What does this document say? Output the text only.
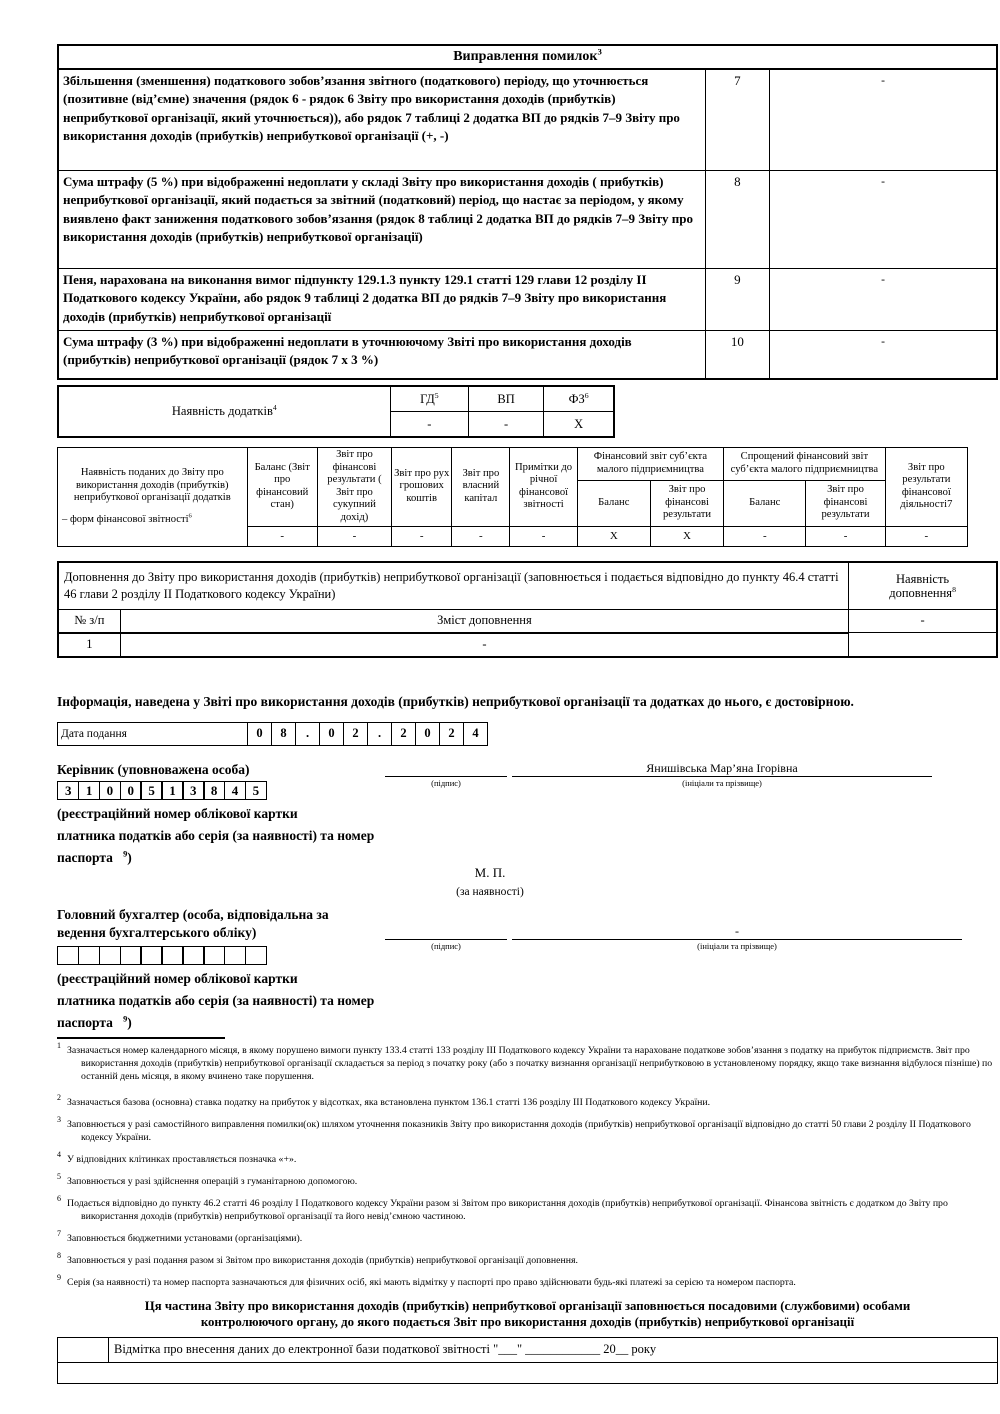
Виправлення помилок$^3$
Збільшення (зменшення) податкового зобов’язання звітного (податкового) періоду, що уточнюється (позитивне (від’ємне) значення (рядок 6 - рядок 6 Звіту про використання доходів (прибутків) неприбуткової організації, який уточнюється)), або рядок 7 таблиці 2 додатка ВП до рядків 7–9 Звіту про використання доходів (прибутків) неприбуткової організації (+, -)	7	-
Сума штрафу (5 %) при відображенні недоплати у складі Звіту про використання доходів ( прибутків) неприбуткової організації, який подається за звітний (податковий) період, що настає за періодом, у якому виявлено факт заниження податкового зобов’язання (рядок 8 таблиці 2 додатка ВП до рядків 7–9 Звіту про використання доходів (прибутків) неприбуткової організації)	8	-
Пеня, нарахована на виконання вимог підпункту 129.1.3 пункту 129.1 статті 129 глави 12 розділу ІІ Податкового кодексу України, або рядок 9 таблиці 2 додатка ВП до рядків 7–9 Звіту про використання доходів (прибутків) неприбуткової організації	9	-
Сума штрафу (3 %) при відображенні недоплати в уточнюючому Звіті про використання доходів (прибутків) неприбуткової організації (рядок 7 х 3 %)	10	-
Наявність додатків$^4$	$ГД^5$	ВП	$ФЗ^6$
	-	-	Х
Наявність поданих до Звіту про використання доходів (прибутків) неприбуткової організації додатків
– форм фінансової звітності$^6$	Баланс (Звіт про фінансовий стан)	Звіт про фінансові результати ( Звіт про сукупний дохід)	Звіт про рух грошових коштів	Звіт про власний капітал	Примітки до річної фінансової звітності	Фінансовий звіт суб’єкта малого підприємництва		Спрощений фінансовий звіт суб’єкта малого підприємництва		Звіт про результати фінансової діяльності7
						Баланс	Звіт про фінансові результати	Баланс	Звіт про фінансові результати	
	-	-	-	-	-	Х	Х	-	-	-
Доповнення до Звіту про використання доходів (прибутків) неприбуткової організації (заповнюється і подається відповідно до пункту 46.4 статті 46 глави 2 розділу ІІ Податкового кодексу України)		Наявність доповнення$^8$
№ з/п	Зміст доповнення	-
1	-	
Інформація, наведена у Звіті про використання доходів (прибутків) неприбуткової організації та додатках до нього, є достовірною.
Дата подання	0	8	.	0	2	.	2	0	2	4
Керівник (уповноважена особа)
(підпис)
Янишівська Мар’яна Ігорівна
(ініціали та прізвище)
3	1	0	0	5	1	3	8	4	5
(реєстраційний номер облікової картки
платника податків або серія (за наявності) та номер
паспорта $^9$)
М. П.
(за наявності)
Головний бухгалтер (особа, відповідальна за
ведення бухгалтерського обліку)
(підпис)
-
(ініціали та прізвище)
(реєстраційний номер облікової картки
платника податків або серія (за наявності) та номер
паспорта $^9$)
$^1$ Зазначається номер календарного місяця, в якому порушено вимоги пункту 133.4 статті 133 розділу ІІІ Податкового кодексу України та нараховане податкове зобов’язання з податку на прибуток підприємств. Звіт про використання доходів (прибутків) неприбуткової організації складається за період з початку року (або з початку визнання організації неприбутковою в установленому порядку, якщо таке визнання відбулося пізніше) по останній день місяця, в якому вчинено таке порушення.
$^2$ Зазначається базова (основна) ставка податку на прибуток у відсотках, яка встановлена пунктом 136.1 статті 136 розділу ІІІ Податкового кодексу України.
$^3$ Заповнюється у разі самостійного виправлення помилки(ок) шляхом уточнення показників Звіту про використання доходів (прибутків) неприбуткової організації відповідно до статті 50 глави 2 розділу ІІ Податкового кодексу України.
$^4$ У відповідних клітинках проставляється позначка «+».
$^5$ Заповнюється у разі здійснення операцій з гуманітарною допомогою.
$^6$ Подається відповідно до пункту 46.2 статті 46 розділу І Податкового кодексу України разом зі Звітом про використання доходів (прибутків) неприбуткової організації. Фінансова звітність є додатком до Звіту про використання доходів (прибутків) неприбуткової організації та його невід’ємною частиною.
$^7$ Заповнюється бюджетними установами (організаціями).
$^8$ Заповнюється у разі подання разом зі Звітом про використання доходів (прибутків) неприбуткової організації доповнення.
$^9$ Серія (за наявності) та номер паспорта зазначаються для фізичних осіб, які мають відмітку у паспорті про право здійснювати будь-які платежі за серією та номером паспорта.
Ця частина Звіту про використання доходів (прибутків) неприбуткової організації заповнюється посадовими (службовими) особами
контролюючого органу, до якого подається Звіт про використання доходів (прибутків) неприбуткової організації
	Відмітка про внесення даних до електронної бази податкової звітності "___" ____________ 20__ року
